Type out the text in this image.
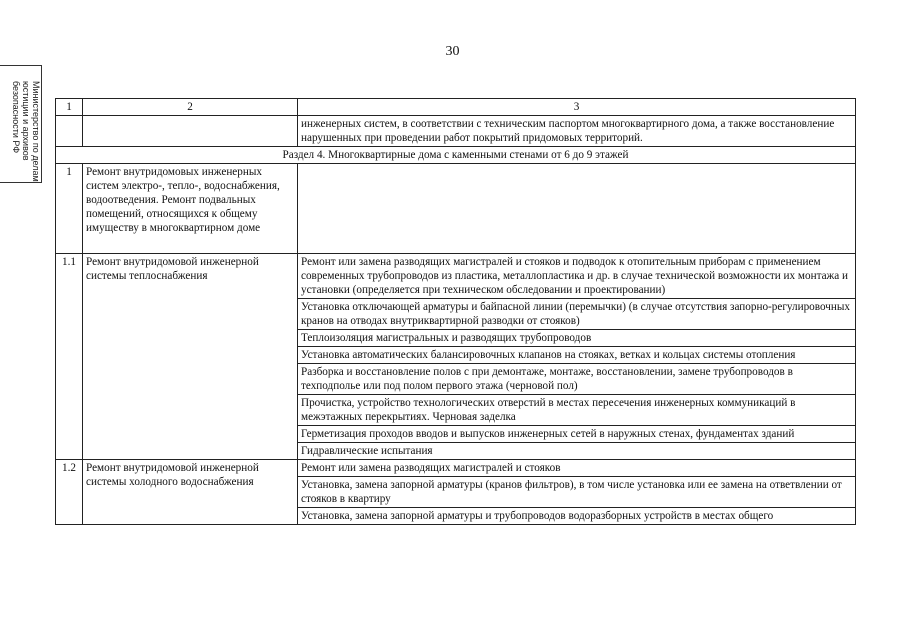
30
Министерство по делам
юстиции и архивов
безопасности РФ	1	2	3
		инженерных систем, в соответствии с техническим паспортом многоквартирного дома, а также восстановление нарушенных при проведении работ покрытий придомовых территорий.
Раздел 4. Многоквартирные дома с каменными стенами от 6 до 9 этажей		
1	Ремонт внутридомовых инженерных систем электро-, тепло-, водоснабжения, водоотведения. Ремонт подвальных помещений, относящихся к общему имуществу в многоквартирном доме	
1.1	Ремонт внутридомовой инженерной системы теплоснабжения	Ремонт или замена разводящих магистралей и стояков и подводок к отопительным приборам с применением современных трубопроводов из пластика, металлопластика и др. в случае технической возможности их монтажа и установки (определяется при техническом обследовании и проектировании)
		Установка отключающей арматуры и байпасной линии (перемычки) (в случае отсутствия запорно-регулировочных кранов на отводах внутриквартирной разводки от стояков)
		Теплоизоляция магистральных и разводящих трубопроводов
		Установка автоматических балансировочных клапанов на стояках, ветках и кольцах системы отопления
		Разборка и восстановление полов с при демонтаже, монтаже, восстановлении, замене трубопроводов в техподполье или под полом первого этажа (черновой пол)
		Прочистка, устройство технологических отверстий в местах пересечения инженерных коммуникаций в межэтажных перекрытиях. Черновая заделка
		Герметизация проходов вводов и выпусков инженерных сетей в наружных стенах, фундаментах зданий
		Гидравлические испытания
1.2	Ремонт внутридомовой инженерной системы холодного водоснабжения	Ремонт или замена разводящих магистралей и стояков
		Установка, замена запорной арматуры (кранов фильтров), в том числе установка или ее замена на ответвлении от стояков в квартиру
		Установка, замена запорной арматуры и трубопроводов водоразборных устройств в местах общего
